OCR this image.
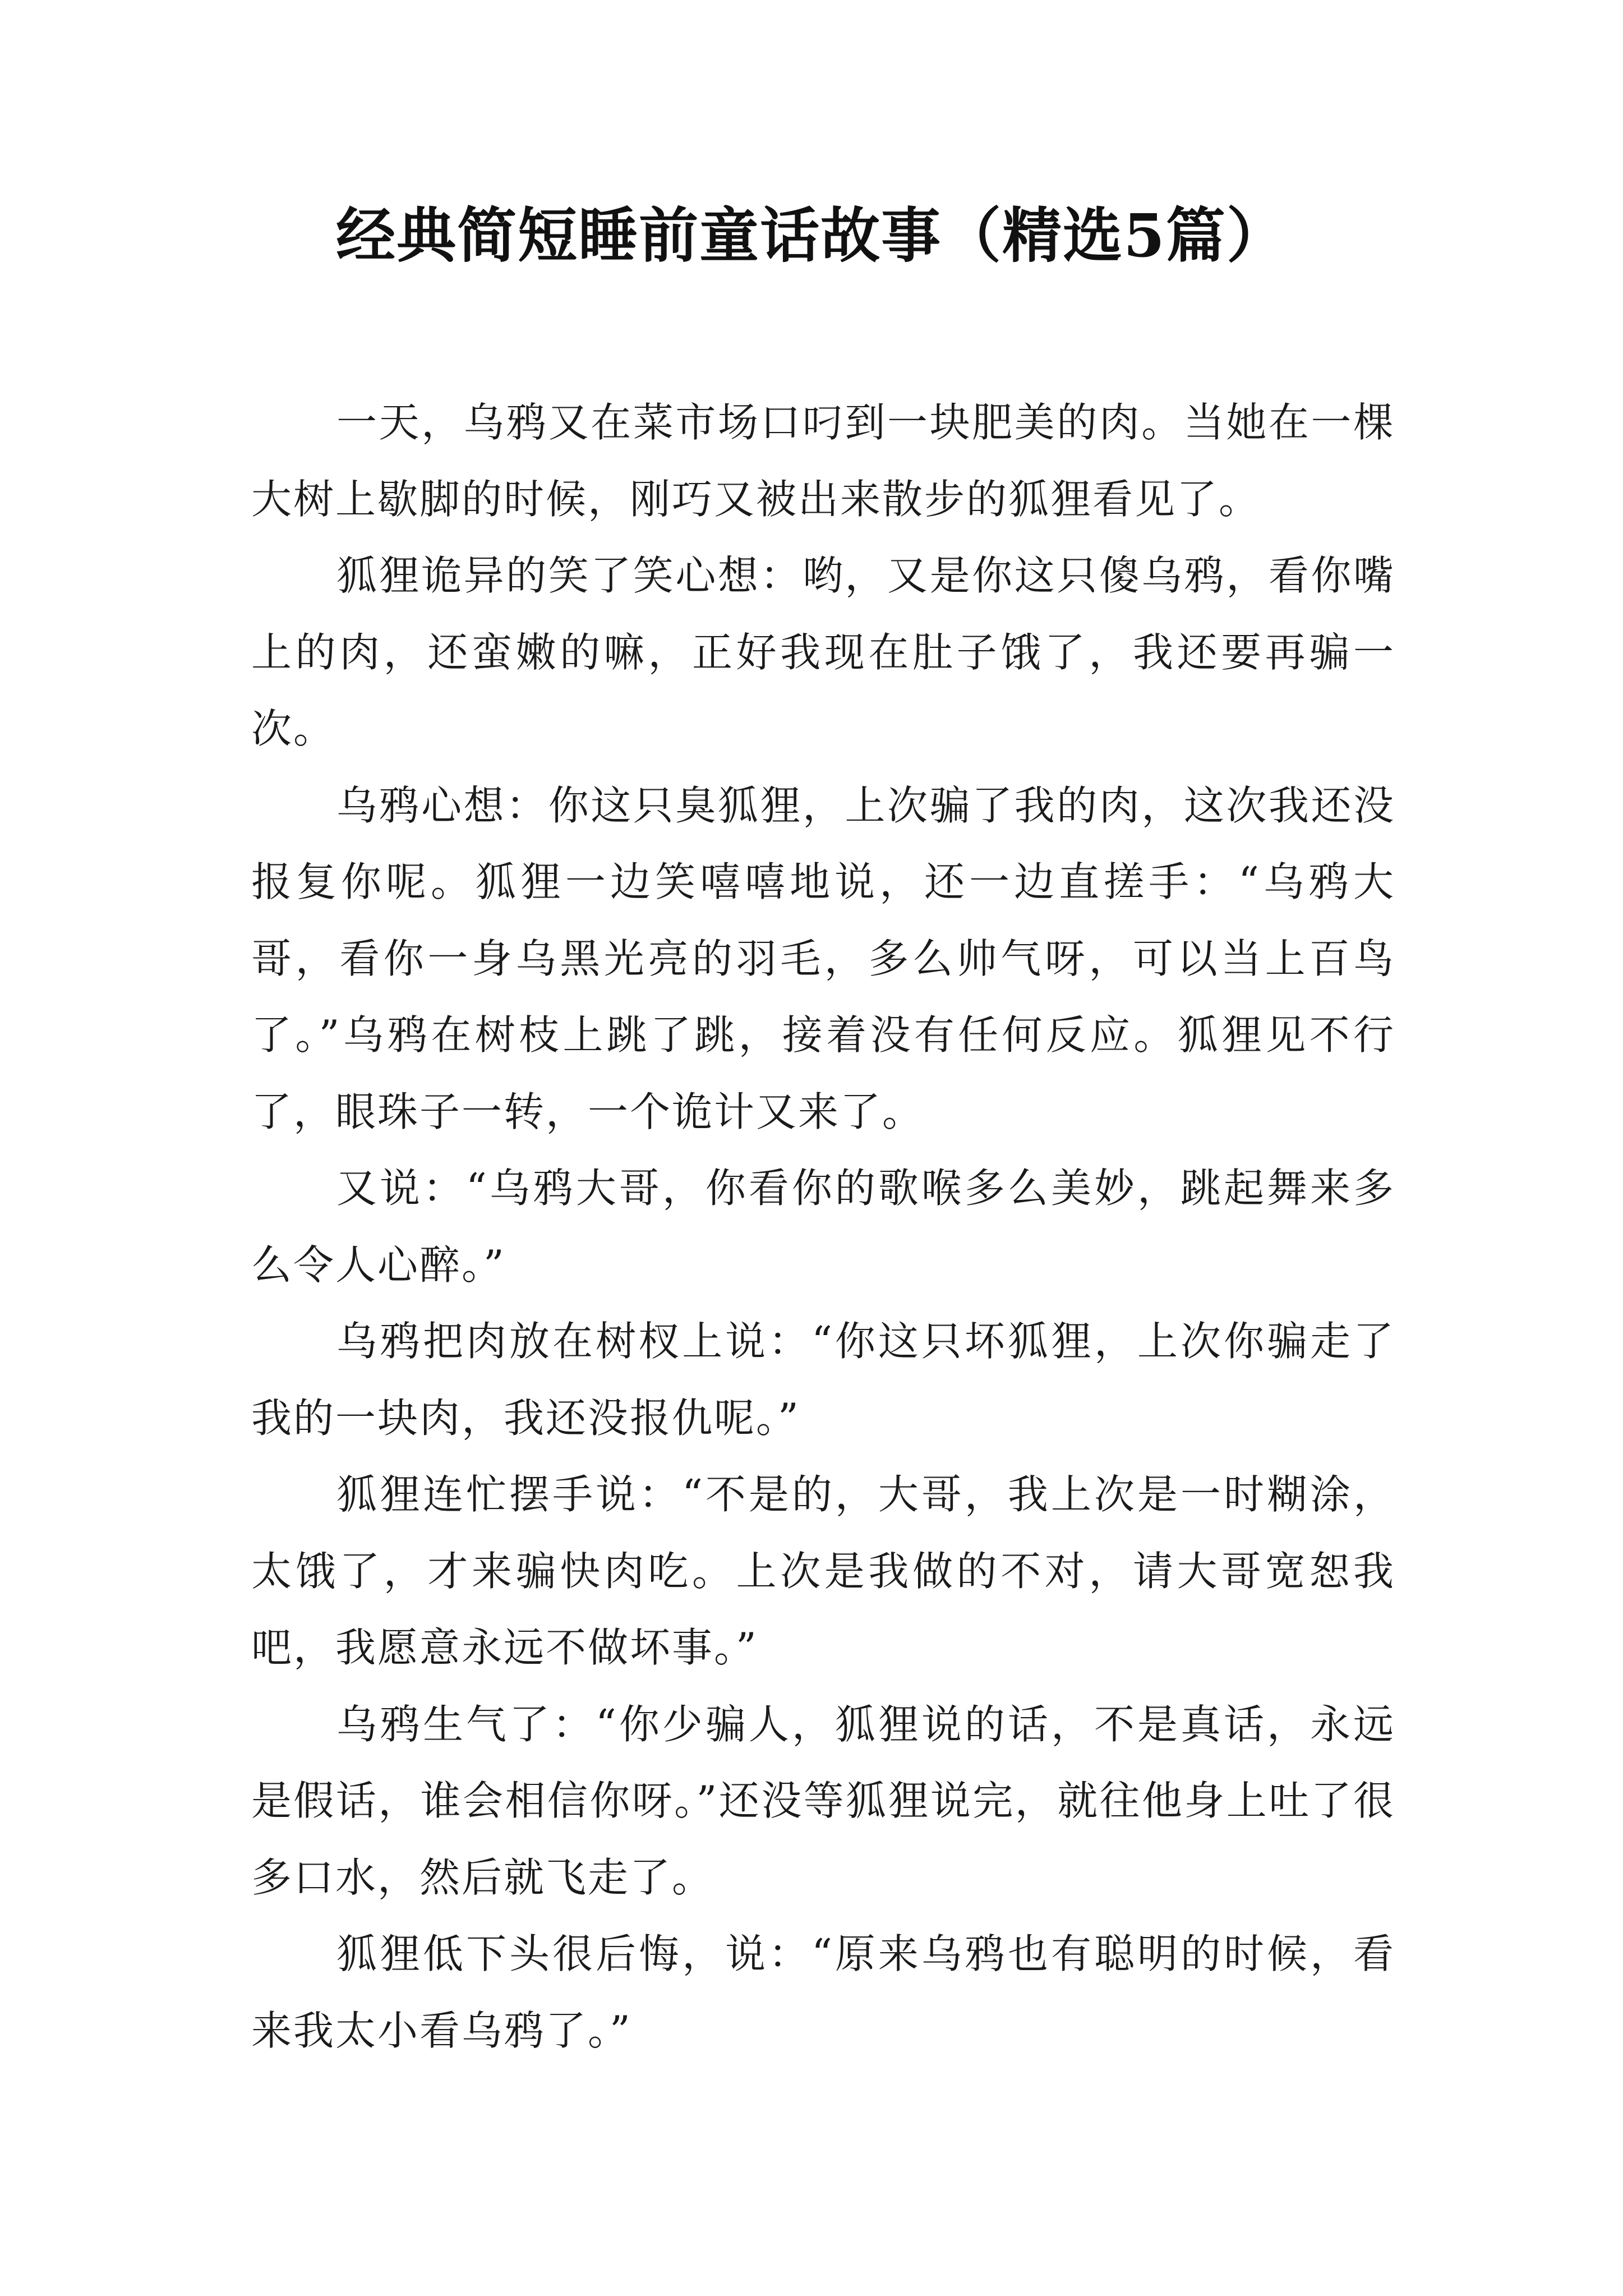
经典简短睡前童话故事（精选5篇）

一天，乌鸦又在菜市场口叼到一块肥美的肉。当她在一棵大树上歇脚的时候，刚巧又被出来散步的狐狸看见了。

狐狸诡异的笑了笑心想：哟，又是你这只傻乌鸦，看你嘴上的肉，还蛮嫩的嘛，正好我现在肚子饿了，我还要再骗一次。

乌鸦心想：你这只臭狐狸，上次骗了我的肉，这次我还没报复你呢。狐狸一边笑嘻嘻地说，还一边直搓手：“乌鸦大哥，看你一身乌黑光亮的羽毛，多么帅气呀，可以当上百鸟了。”乌鸦在树枝上跳了跳，接着没有任何反应。狐狸见不行了，眼珠子一转，一个诡计又来了。

又说：“乌鸦大哥，你看你的歌喉多么美妙，跳起舞来多么令人心醉。”

乌鸦把肉放在树杈上说：“你这只坏狐狸，上次你骗走了我的一块肉，我还没报仇呢。”

狐狸连忙摆手说：“不是的，大哥，我上次是一时糊涂，太饿了，才来骗快肉吃。上次是我做的不对，请大哥宽恕我吧，我愿意永远不做坏事。”

乌鸦生气了：“你少骗人，狐狸说的话，不是真话，永远是假话，谁会相信你呀。”还没等狐狸说完，就往他身上吐了很多口水，然后就飞走了。

狐狸低下头很后悔，说：“原来乌鸦也有聪明的时候，看来我太小看乌鸦了。”
